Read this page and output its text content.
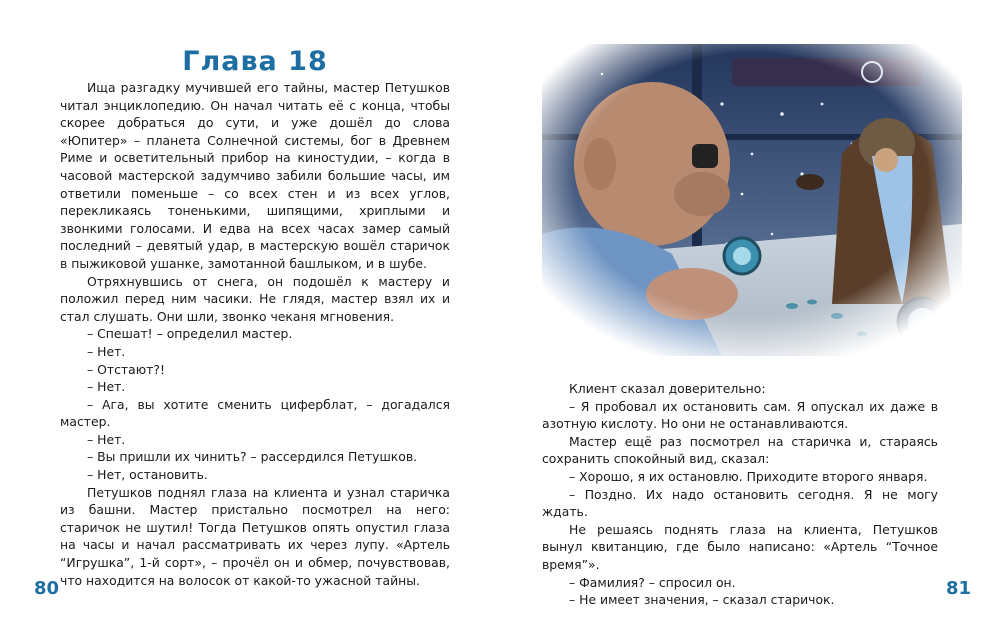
Глава 18

Ища разгадку мучившей его тайны, мастер Петушков читал энциклопедию. Он начал читать её с конца, чтобы скорее добраться до сути, и уже дошёл до слова «Юпитер» – планета Солнечной системы, бог в Древнем Риме и осветительный прибор на киностудии, – когда в часовой мастерской задумчиво забили большие часы, им ответили поменьше – со всех стен и из всех углов, перекликаясь тоненькими, шипящими, хриплыми и звонкими голосами. И едва на всех часах замер самый последний – девятый удар, в мастерскую вошёл старичок в пыжиковой ушанке, замотанной башлыком, и в шубе.

Отряхнувшись от снега, он подошёл к мастеру и положил перед ним часики. Не глядя, мастер взял их и стал слушать. Они шли, звонко чеканя мгновения.

– Спешат! – определил мастер.

– Нет.

– Отстают?!

– Нет.

– Ага, вы хотите сменить циферблат, – догадался мастер.

– Нет.

– Вы пришли их чинить? – рассердился Петушков.

– Нет, остановить.

Петушков поднял глаза на клиента и узнал старичка из башни. Мастер пристально посмотрел на него: старичок не шутил! Тогда Петушков опять опустил глаза на часы и начал рассматривать их через лупу. «Артель “Игрушка”, 1-й сорт», – прочёл он и обмер, почувствовав, что находится на волосок от какой-то ужасной тайны.

80

Клиент сказал доверительно:

– Я пробовал их остановить сам. Я опускал их даже в азотную кислоту. Но они не останавливаются.

Мастер ещё раз посмотрел на старичка и, стараясь сохранить спокойный вид, сказал:

– Хорошо, я их остановлю. Приходите второго января.

– Поздно. Их надо остановить сегодня. Я не могу ждать.

Не решаясь поднять глаза на клиента, Петушков вынул квитанцию, где было написано: «Артель “Точное время”».

– Фамилия? – спросил он.

– Не имеет значения, – сказал старичок.

81
